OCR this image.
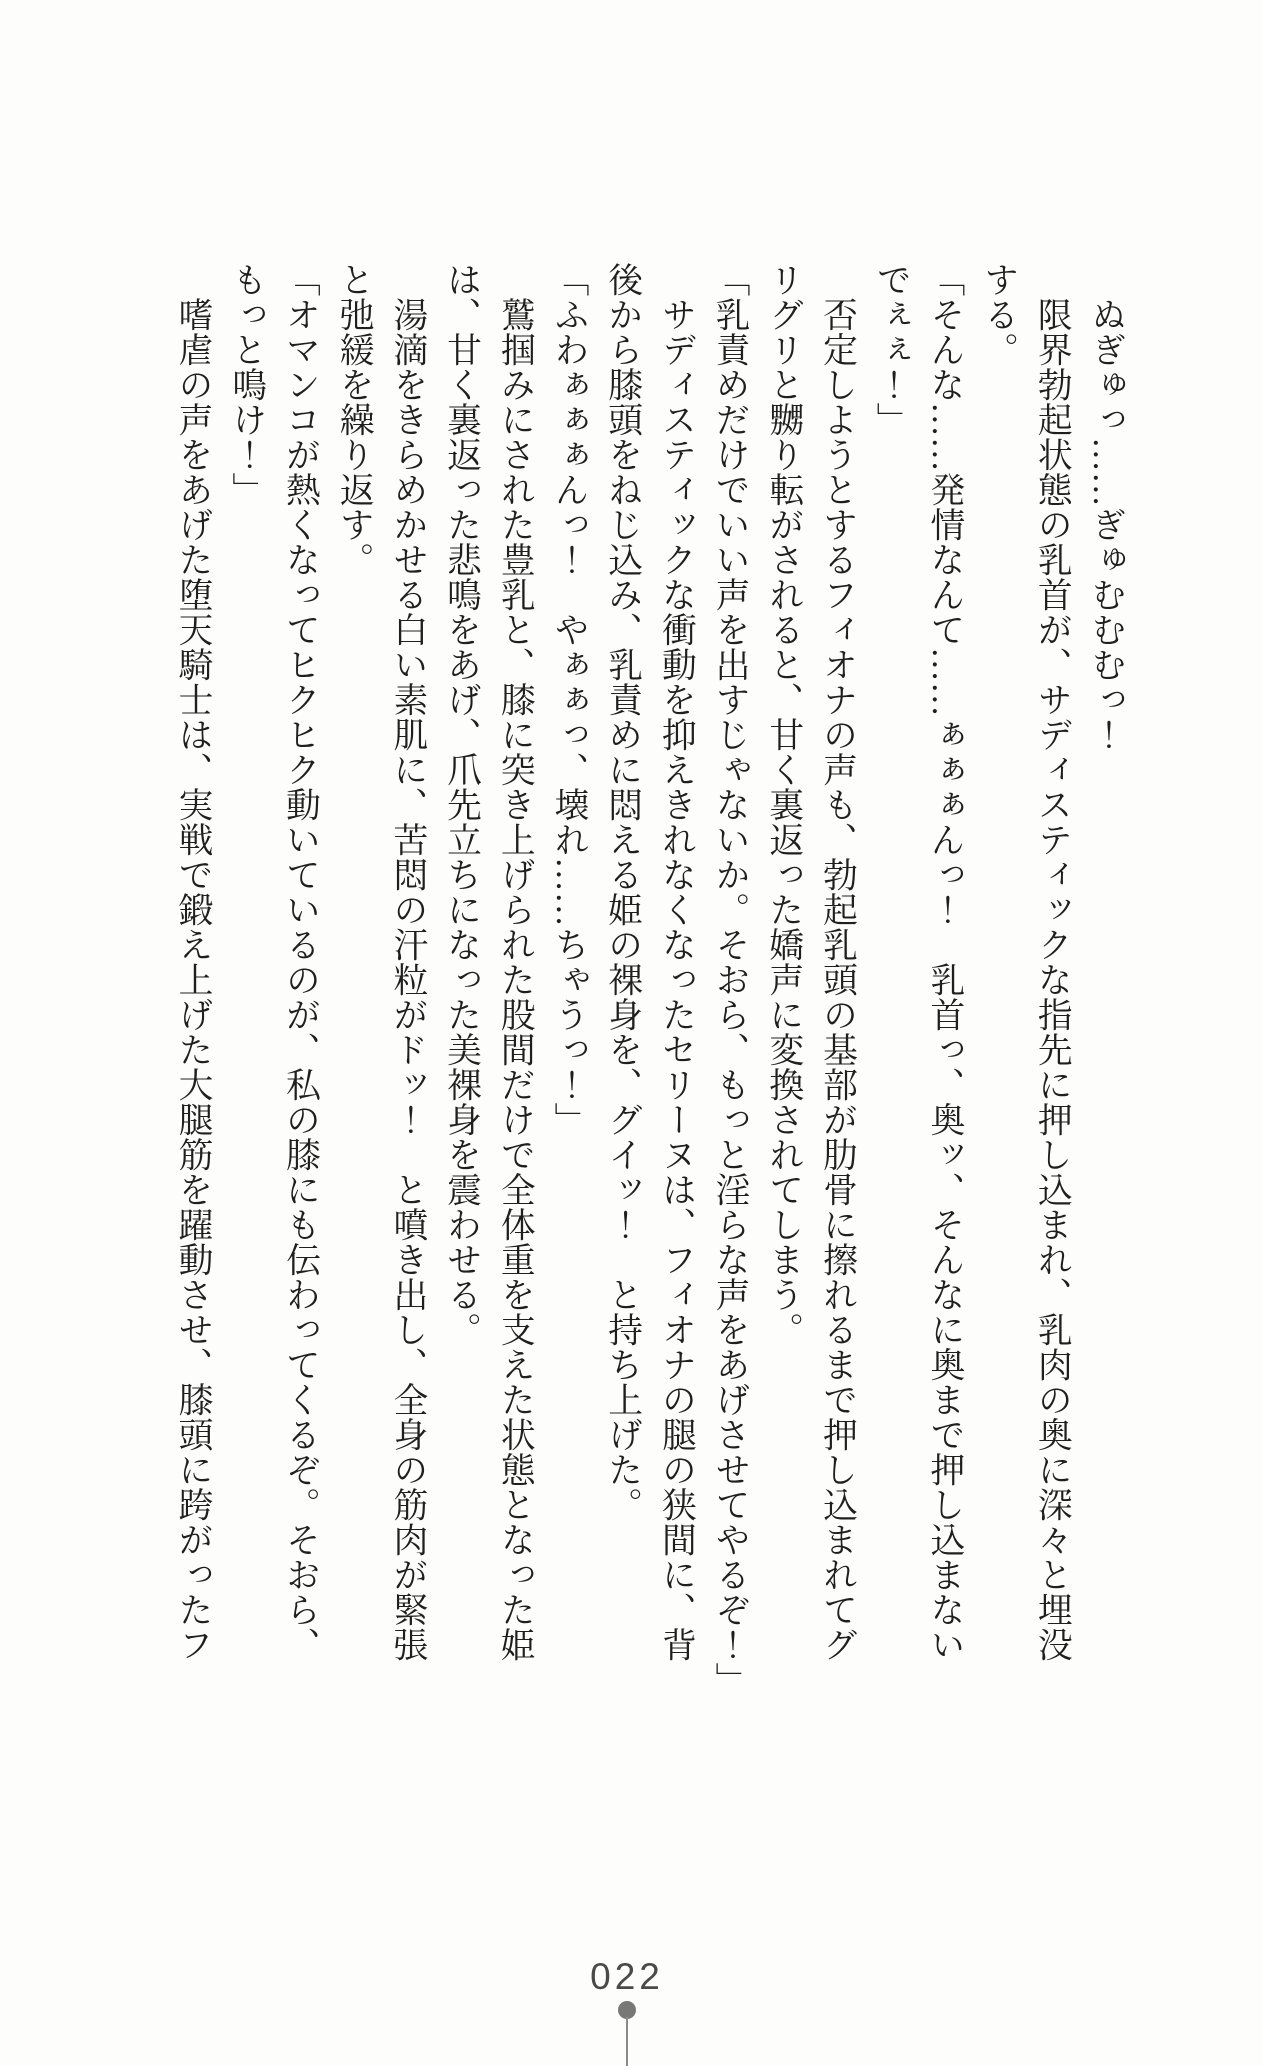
　ぬぎゅっ……ぎゅむむむっ！

　限界勃起状態の乳首が、サディスティックな指先に押し込まれ、乳肉の奥に深々と埋没

する。

「そんな……発情なんて……ぁぁぁんっ！　乳首っ、奥ッ、そんなに奥まで押し込まない

でぇぇ！」

　否定しようとするフィオナの声も、勃起乳頭の基部が肋骨に擦れるまで押し込まれてグ

リグリと嬲り転がされると、甘く裏返った嬌声に変換されてしまう。

「乳責めだけでいい声を出すじゃないか。そおら、もっと淫らな声をあげさせてやるぞ！」

　サディスティックな衝動を抑えきれなくなったセリーヌは、フィオナの腿の狭間に、背

後から膝頭をねじ込み、乳責めに悶える姫の裸身を、グイッ！　と持ち上げた。

「ふわぁぁぁんっ！　やぁぁっ、壊れ……ちゃうっ！」

　鷲掴みにされた豊乳と、膝に突き上げられた股間だけで全体重を支えた状態となった姫

は、甘く裏返った悲鳴をあげ、爪先立ちになった美裸身を震わせる。

　湯滴をきらめかせる白い素肌に、苦悶の汗粒がドッ！　と噴き出し、全身の筋肉が緊張

と弛緩を繰り返す。

「オマンコが熱くなってヒクヒク動いているのが、私の膝にも伝わってくるぞ。そおら、

もっと鳴け！」

　嗜虐の声をあげた堕天騎士は、実戦で鍛え上げた大腿筋を躍動させ、膝頭に跨がったフ

022
